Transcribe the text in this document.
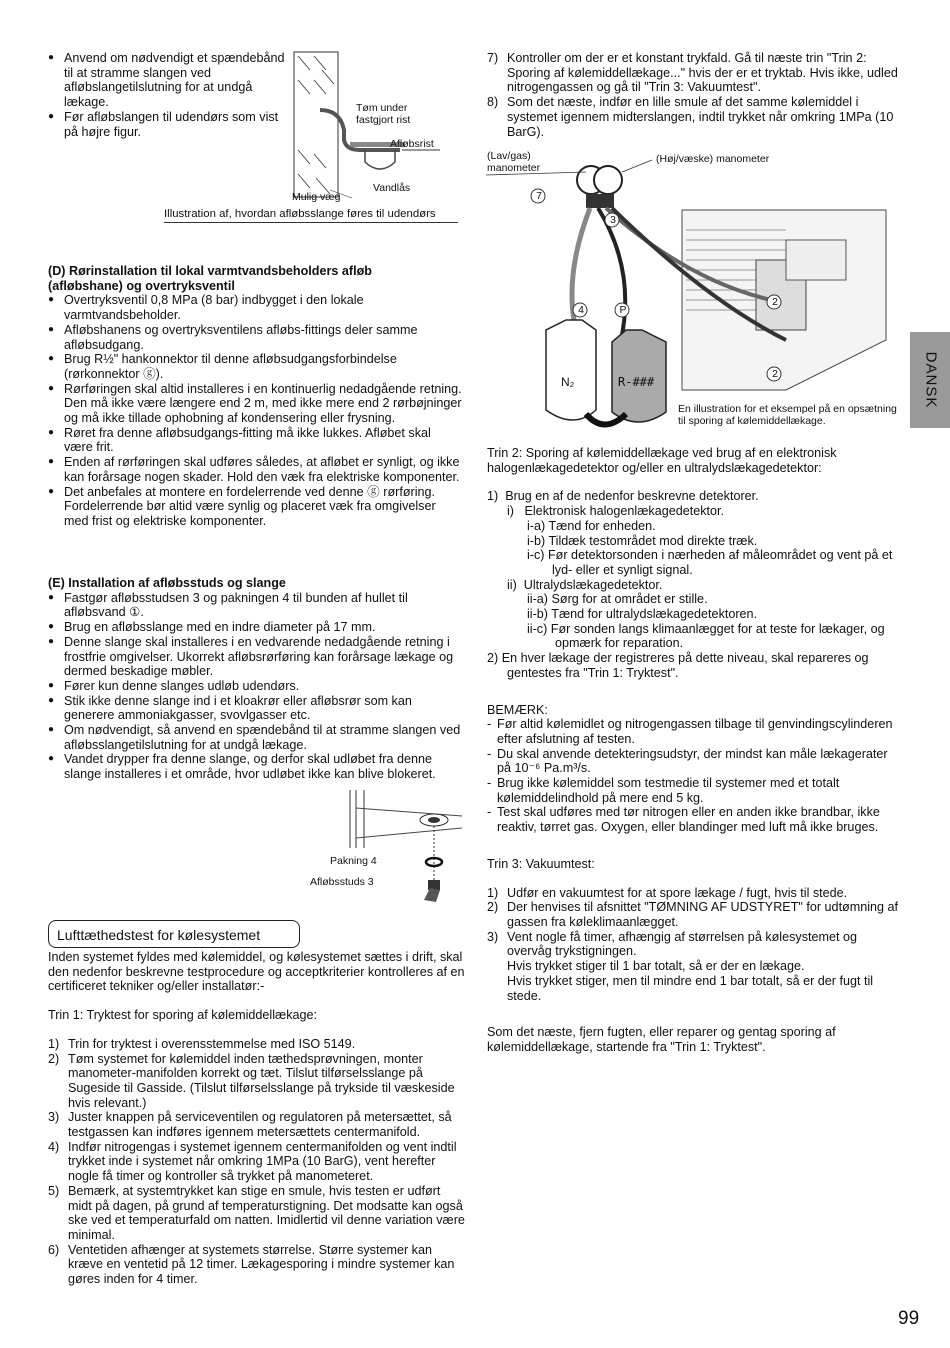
● Anvend om nødvendigt et spændebånd til at stramme slangen ved afløbslangetilslutning for at undgå lækage.

● Før afløbslangen til udendørs som vist på højre figur.

Tøm under fastgjort rist
Afløbsrist
Vandlås
Mulig væg
Illustration af, hvordan afløbsslange føres til udendørs

(D) Rørinstallation til lokal varmtvandsbeholders afløb (afløbshane) og overtryksventil

● Overtryksventil 0,8 MPa (8 bar) indbygget i den lokale varmtvandsbeholder.

● Afløbshanens og overtryksventilens afløbs-fittings deler samme afløbsudgang.

● Brug R½" hankonnektor til denne afløbsudgangsforbindelse (rørkonnektor ⓖ).

● Rørføringen skal altid installeres i en kontinuerlig nedadgående retning. Den må ikke være længere end 2 m, med ikke mere end 2 rørbøjninger og må ikke tillade ophobning af kondensering eller frysning.

● Røret fra denne afløbsudgangs-fitting må ikke lukkes. Afløbet skal være frit.

● Enden af rørføringen skal udføres således, at afløbet er synligt, og ikke kan forårsage nogen skader. Hold den væk fra elektriske komponenter.

● Det anbefales at montere en fordelerrende ved denne ⓖ rørføring. Fordelerrende bør altid være synlig og placeret væk fra omgivelser med frist og elektriske komponenter.

(E) Installation af afløbsstuds og slange

● Fastgør afløbsstudsen 3 og pakningen 4 til bunden af hullet til afløbsvand ①.

● Brug en afløbsslange med en indre diameter på 17 mm.

● Denne slange skal installeres i en vedvarende nedadgående retning i frostfrie omgivelser. Ukorrekt afløbsrørføring kan forårsage lækage og dermed beskadige møbler.

● Fører kun denne slanges udløb udendørs.

● Stik ikke denne slange ind i et kloakrør eller afløbsrør som kan generere ammoniakgasser, svovlgasser etc.

● Om nødvendigt, så anvend en spændebånd til at stramme slangen ved afløbsslangetilslutning for at undgå lækage.

● Vandet drypper fra denne slange, og derfor skal udløbet fra denne slange installeres i et område, hvor udløbet ikke kan blive blokeret.

Pakning 4
Afløbsstuds 3
Lufttæthedstest for kølesystemet

Inden systemet fyldes med kølemiddel, og kølesystemet sættes i drift, skal den nedenfor beskrevne testprocedure og acceptkriterier kontrolleres af en certificeret tekniker og/eller installatør:-

Trin 1: Tryktest for sporing af kølemiddellækage:

1) Trin for tryktest i overensstemmelse med ISO 5149.
2) Tøm systemet for kølemiddel inden tæthedsprøvningen, monter manometer-manifolden korrekt og tæt. Tilslut tilførselsslange på Sugeside til Gasside. (Tilslut tilførselsslange på trykside til væskeside hvis relevant.)
3) Juster knappen på serviceventilen og regulatoren på metersættet, så testgassen kan indføres igennem metersættets centermanifold.
4) Indfør nitrogengas i systemet igennem centermanifolden og vent indtil trykket inde i systemet når omkring 1MPa (10 BarG), vent herefter nogle få timer og kontroller så trykket på manometeret.
5) Bemærk, at systemtrykket kan stige en smule, hvis testen er udført midt på dagen, på grund af temperaturstigning. Det modsatte kan også ske ved et temperaturfald om natten. Imidlertid vil denne variation være minimal.
6) Ventetiden afhænger at systemets størrelse. Større systemer kan kræve en ventetid på 12 timer. Lækagesporing i mindre systemer kan gøres inden for 4 timer.
7) Kontroller om der er et konstant trykfald. Gå til næste trin "Trin 2: Sporing af kølemiddellækage..." hvis der er et tryktab. Hvis ikke, udled nitrogengassen og gå til "Trin 3: Vakuumtest".
8) Som det næste, indfør en lille smule af det samme kølemiddel i systemet igennem midterslangen, indtil trykket når omkring 1MPa (10 BarG).
(Lav/gas) manometer
(Høj/væske) manometer
7
3
4	P
2
2
N₂	R-###
En illustration for et eksempel på en opsætning til sporing af kølemiddellækage.

Trin 2: Sporing af kølemiddellækage ved brug af en elektronisk halogenlækagedetektor og/eller en ultralydslækagedetektor:

1)  Brug en af de nedenfor beskrevne detektorer.

i)   Elektronisk halogenlækagedetektor.

i-a) Tænd for enheden.

i-b) Tildæk testområdet mod direkte træk.

i-c) Før detektorsonden i nærheden af måleområdet og vent på et lyd- eller et synligt signal.

ii)  Ultralydslækagedetektor.

ii-a) Sørg for at området er stille.

ii-b) Tænd for ultralydslækagedetektoren.

ii-c) Før sonden langs klimaanlægget for at teste for lækager, og opmærk for reparation.

2) En hver lækage der registreres på dette niveau, skal repareres og gentestes fra "Trin 1: Tryktest".

BEMÆRK:

- Før altid kølemidlet og nitrogengassen tilbage til genvindingscylinderen efter afslutning af testen.

- Du skal anvende detekteringsudstyr, der mindst kan måle lækagerater på 10⁻⁶ Pa.m³/s.

- Brug ikke kølemiddel som testmedie til systemer med et totalt kølemiddelindhold på mere end 5 kg.

- Test skal udføres med tør nitrogen eller en anden ikke brandbar, ikke reaktiv, tørret gas. Oxygen, eller blandinger med luft må ikke bruges.

Trin 3: Vakuumtest:

1) Udfør en vakuumtest for at spore lækage / fugt, hvis til stede.
2) Der henvises til afsnittet "TØMNING AF UDSTYRET" for udtømning af gassen fra køleklimaanlægget.
3) Vent nogle få timer, afhængig af størrelsen på kølesystemet og overvåg trykstigningen.

Hvis trykket stiger til 1 bar totalt, så er der en lækage.

Hvis trykket stiger, men til mindre end 1 bar totalt, så er der fugt til stede.

Som det næste, fjern fugten, eller reparer og gentag sporing af kølemiddellækage, startende fra "Trin 1: Tryktest".

DANSK
99
